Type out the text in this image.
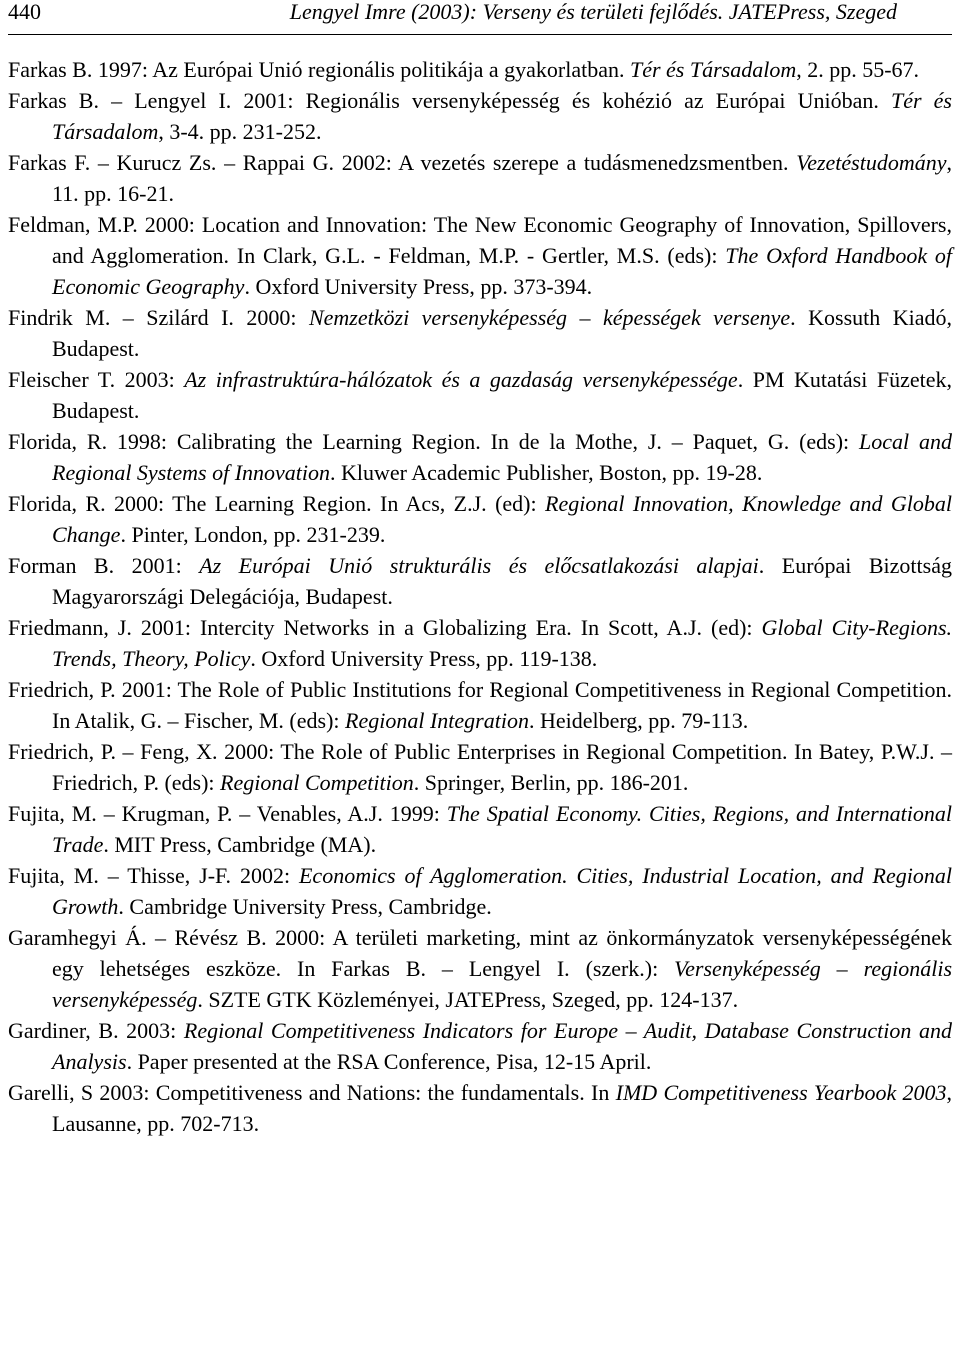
440	Lengyel Imre (2003): Verseny és területi fejlődés. JATEPress, Szeged

Farkas B. 1997: Az Európai Unió regionális politikája a gyakorlatban. Tér és Társadalom, 2. pp. 55-67.

Farkas B. – Lengyel I. 2001: Regionális versenyképesség és kohézió az Európai Unióban. Tér és Társadalom, 3-4. pp. 231-252.

Farkas F. – Kurucz Zs. – Rappai G. 2002: A vezetés szerepe a tudásmenedzsmentben. Vezetéstudomány, 11. pp. 16-21.

Feldman, M.P. 2000: Location and Innovation: The New Economic Geography of Innovation, Spillovers, and Agglomeration. In Clark, G.L. - Feldman, M.P. - Gertler, M.S. (eds): The Oxford Handbook of Economic Geography. Oxford University Press, pp. 373-394.

Findrik M. – Szilárd I. 2000: Nemzetközi versenyképesség – képességek versenye. Kossuth Kiadó, Budapest.

Fleischer T. 2003: Az infrastruktúra-hálózatok és a gazdaság versenyképessége. PM Kutatási Füzetek, Budapest.

Florida, R. 1998: Calibrating the Learning Region. In de la Mothe, J. – Paquet, G. (eds): Local and Regional Systems of Innovation. Kluwer Academic Publisher, Boston, pp. 19-28.

Florida, R. 2000: The Learning Region. In Acs, Z.J. (ed): Regional Innovation, Knowledge and Global Change. Pinter, London, pp. 231-239.

Forman B. 2001: Az Európai Unió strukturális és előcsatlakozási alapjai. Európai Bizottság Magyarországi Delegációja, Budapest.

Friedmann, J. 2001: Intercity Networks in a Globalizing Era. In Scott, A.J. (ed): Global City-Regions. Trends, Theory, Policy. Oxford University Press, pp. 119-138.

Friedrich, P. 2001: The Role of Public Institutions for Regional Competitiveness in Regional Competition. In Atalik, G. – Fischer, M. (eds): Regional Integration. Heidelberg, pp. 79-113.

Friedrich, P. – Feng, X. 2000: The Role of Public Enterprises in Regional Competition. In Batey, P.W.J. – Friedrich, P. (eds): Regional Competition. Springer, Berlin, pp. 186-201.

Fujita, M. – Krugman, P. – Venables, A.J. 1999: The Spatial Economy. Cities, Regions, and International Trade. MIT Press, Cambridge (MA).

Fujita, M. – Thisse, J-F. 2002: Economics of Agglomeration. Cities, Industrial Location, and Regional Growth. Cambridge University Press, Cambridge.

Garamhegyi Á. – Révész B. 2000: A területi marketing, mint az önkormányzatok versenyképességének egy lehetséges eszköze. In Farkas B. – Lengyel I. (szerk.): Versenyképesség – regionális versenyképesség. SZTE GTK Közleményei, JATEPress, Szeged, pp. 124-137.

Gardiner, B. 2003: Regional Competitiveness Indicators for Europe – Audit, Database Construction and Analysis. Paper presented at the RSA Conference, Pisa, 12-15 April.

Garelli, S 2003: Competitiveness and Nations: the fundamentals. In IMD Competitiveness Yearbook 2003, Lausanne, pp. 702-713.
